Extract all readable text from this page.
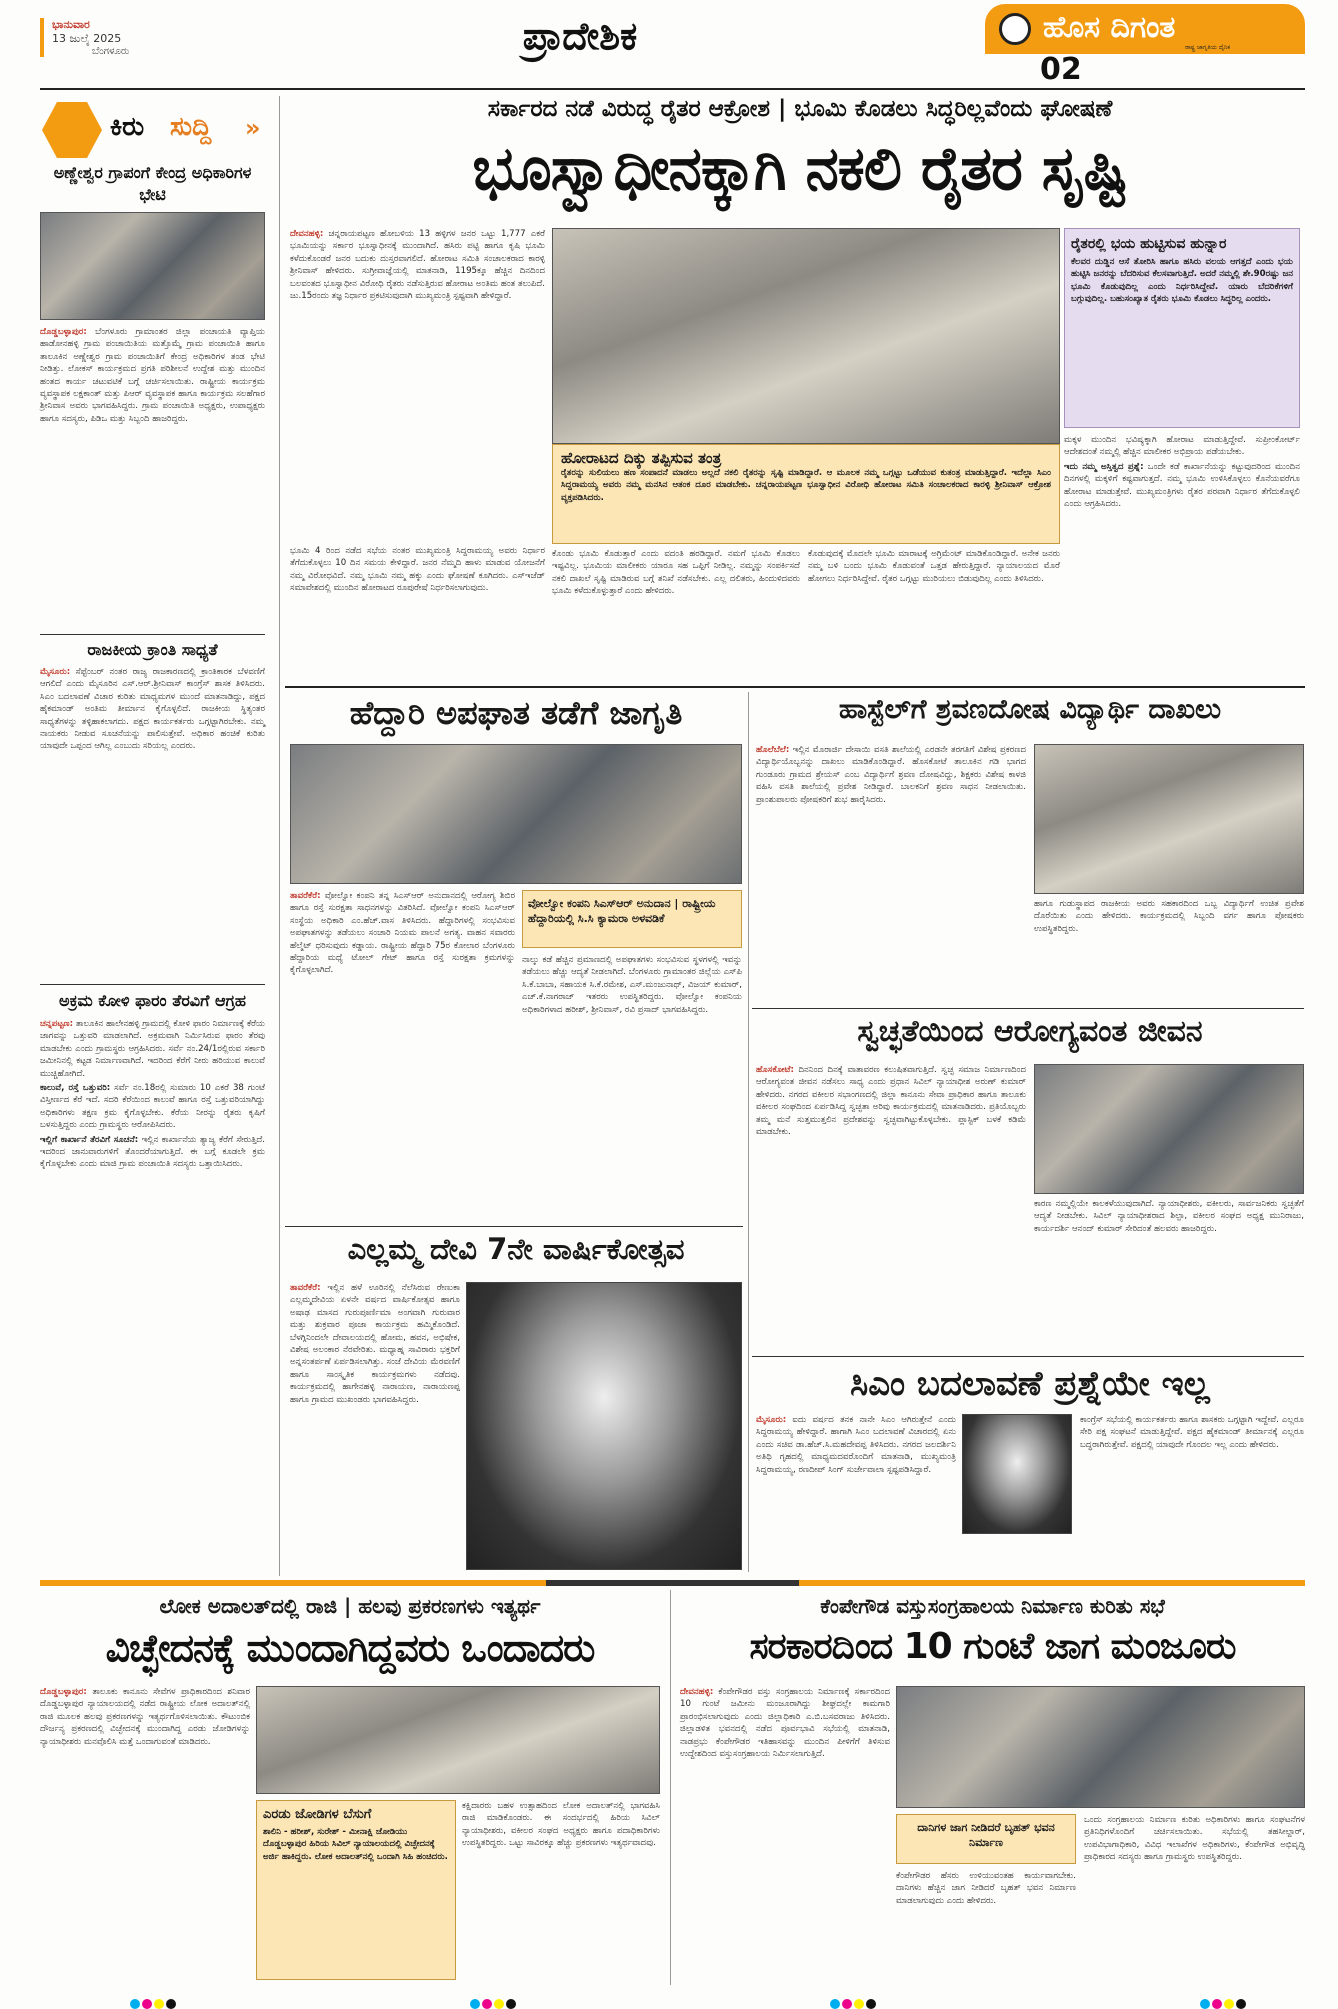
ಭಾನುವಾರ
13 ಜುಲೈ 2025
ಬೆಂಗಳೂರು	ಪ್ರಾದೇಶಿಕ	ಹೊಸ ದಿಗಂತ
ರಾಷ್ಟ್ರ ಜಾಗೃತಿಯ ದೈನಿಕ
02
ಕಿರು ಸುದ್ದಿ »
ಅಣ್ಣೇಶ್ವರ ಗ್ರಾಪಂಗೆ ಕೇಂದ್ರ ಅಧಿಕಾರಿಗಳ ಭೇಟಿ
ದೊಡ್ಡಬಳ್ಳಾಪುರ: ಬೆಂಗಳೂರು ಗ್ರಾಮಾಂತರ ಜಿಲ್ಲಾ ಪಂಚಾಯತಿ ವ್ಯಾಪ್ತಿಯ ಹಾಡೋನಹಳ್ಳಿ ಗ್ರಾಮ ಪಂಚಾಯಿತಿಯ ಮತ್ತೊಮ್ಮೆ ಗ್ರಾಮ ಪಂಚಾಯಿತಿ ಹಾಗೂ ತಾಲೂಕಿನ ಅಣ್ಣೇಶ್ವರ ಗ್ರಾಮ ಪಂಚಾಯಿತಿಗೆ ಕೇಂದ್ರ ಅಧಿಕಾರಿಗಳ ತಂಡ ಭೇಟಿ ನೀಡಿತ್ತು. ಲೋಕಸ್ ಕಾರ್ಯಕ್ರಮದ ಪ್ರಗತಿ ಪರಿಶೀಲನೆ ಉದ್ದೇಶ ಮತ್ತು ಮುಂದಿನ ಹಂತದ ಕಾರ್ಯ ಚಟುವಟಿಕೆ ಬಗ್ಗೆ ಚರ್ಚಿಸಲಾಯಿತು. ರಾಷ್ಟ್ರೀಯ ಕಾರ್ಯಕ್ರಮ ವ್ಯವಸ್ಥಾಪಕ ಲಕ್ಷಕಾಂತ್ ಮತ್ತು ಪಿಆರ್ ವ್ಯವಸ್ಥಾಪಕ ಹಾಗೂ ಕಾರ್ಯಕ್ರಮ ಸಲಹೆಗಾರ ಶ್ರೀನಿವಾಸ ಅವರು ಭಾಗವಹಿಸಿದ್ದರು. ಗ್ರಾಮ ಪಂಚಾಯಿತಿ ಅಧ್ಯಕ್ಷರು, ಉಪಾಧ್ಯಕ್ಷರು ಹಾಗೂ ಸದಸ್ಯರು, ಪಿಡಿಒ ಮತ್ತು ಸಿಬ್ಬಂದಿ ಹಾಜರಿದ್ದರು.
ರಾಜಕೀಯ ಕ್ರಾಂತಿ ಸಾಧ್ಯತೆ
ಮೈಸೂರು: ಸೆಪ್ಟೆಂಬರ್ ನಂತರ ರಾಜ್ಯ ರಾಜಕಾರಣದಲ್ಲಿ ಕ್ರಾಂತಿಕಾರಕ ಬೆಳವಣಿಗೆ ಆಗಲಿದೆ ಎಂದು ಮೈಸೂರಿನ ಎಸ್.ಆರ್.ಶ್ರೀನಿವಾಸ್ ಕಾಂಗ್ರೆಸ್ ಶಾಸಕ ತಿಳಿಸಿದರು. ಸಿಎಂ ಬದಲಾವಣೆ ವಿಚಾರ ಕುರಿತು ಮಾಧ್ಯಮಗಳ ಮುಂದೆ ಮಾತನಾಡಿದ್ದು, ಪಕ್ಷದ ಹೈಕಮಾಂಡ್ ಅಂತಿಮ ತೀರ್ಮಾನ ಕೈಗೊಳ್ಳಲಿದೆ. ರಾಜಕೀಯ ಸ್ಥಿತ್ಯಂತರ ಸಾಧ್ಯತೆಗಳನ್ನು ತಳ್ಳಿಹಾಕಲಾಗದು. ಪಕ್ಷದ ಕಾರ್ಯಕರ್ತರು ಒಗ್ಗಟ್ಟಾಗಿರಬೇಕು. ನಮ್ಮ ನಾಯಕರು ನೀಡುವ ಸೂಚನೆಯನ್ನು ಪಾಲಿಸುತ್ತೇವೆ. ಅಧಿಕಾರ ಹಂಚಿಕೆ ಕುರಿತು ಯಾವುದೇ ಒಪ್ಪಂದ ಆಗಿಲ್ಲ ಎಂಬುದು ಸರಿಯಲ್ಲ ಎಂದರು.
ಅಕ್ರಮ ಕೋಳಿ ಫಾರಂ ತೆರವಿಗೆ ಆಗ್ರಹ

ಚನ್ನಪಟ್ಟಣ: ತಾಲೂಕಿನ ಹಾಲೇನಹಳ್ಳಿ ಗ್ರಾಮದಲ್ಲಿ ಕೋಳಿ ಫಾರಂ ನಿರ್ಮಾಣಕ್ಕೆ ಕೆರೆಯ ಜಾಗವನ್ನು ಒತ್ತುವರಿ ಮಾಡಲಾಗಿದೆ. ಅಕ್ರಮವಾಗಿ ನಿರ್ಮಿಸಿರುವ ಫಾರಂ ತೆರವು ಮಾಡಬೇಕು ಎಂದು ಗ್ರಾಮಸ್ಥರು ಆಗ್ರಹಿಸಿದರು. ಸರ್ವೆ ನಂ.24/1ರಲ್ಲಿರುವ ಸರ್ಕಾರಿ ಜಮೀನಿನಲ್ಲಿ ಕಟ್ಟಡ ನಿರ್ಮಾಣವಾಗಿದೆ. ಇದರಿಂದ ಕೆರೆಗೆ ನೀರು ಹರಿಯುವ ಕಾಲುವೆ ಮುಚ್ಚಿಹೋಗಿದೆ.

ಕಾಲುವೆ, ರಸ್ತೆ ಒತ್ತುವರಿ: ಸರ್ವೆ ನಂ.18ರಲ್ಲಿ ಸುಮಾರು 10 ಎಕರೆ 38 ಗುಂಟೆ ವಿಸ್ತೀರ್ಣದ ಕೆರೆ ಇದೆ. ಸದರಿ ಕೆರೆಯಿಂದ ಕಾಲುವೆ ಹಾಗೂ ರಸ್ತೆ ಒತ್ತುವರಿಯಾಗಿದ್ದು ಅಧಿಕಾರಿಗಳು ತಕ್ಷಣ ಕ್ರಮ ಕೈಗೊಳ್ಳಬೇಕು. ಕೆರೆಯ ನೀರನ್ನು ರೈತರು ಕೃಷಿಗೆ ಬಳಸುತ್ತಿದ್ದರು ಎಂದು ಗ್ರಾಮಸ್ಥರು ಆರೋಪಿಸಿದರು.

ಇಲ್ಲಿಗೆ ಕಾರ್ಖಾನೆ ತೆರವಿಗೆ ಸೂಚನೆ: ಇಲ್ಲಿನ ಕಾರ್ಖಾನೆಯ ತ್ಯಾಜ್ಯ ಕೆರೆಗೆ ಸೇರುತ್ತಿದೆ. ಇದರಿಂದ ಜಾನುವಾರುಗಳಿಗೆ ತೊಂದರೆಯಾಗುತ್ತಿದೆ. ಈ ಬಗ್ಗೆ ಕೂಡಲೇ ಕ್ರಮ ಕೈಗೊಳ್ಳಬೇಕು ಎಂದು ಮಾಜಿ ಗ್ರಾಮ ಪಂಚಾಯಿತಿ ಸದಸ್ಯರು ಒತ್ತಾಯಿಸಿದರು.

ಸರ್ಕಾರದ ನಡೆ ವಿರುದ್ಧ ರೈತರ ಆಕ್ರೋಶ | ಭೂಮಿ ಕೊಡಲು ಸಿದ್ಧರಿಲ್ಲವೆಂದು ಘೋಷಣೆ
ಭೂಸ್ವಾಧೀನಕ್ಕಾಗಿ ನಕಲಿ ರೈತರ ಸೃಷ್ಟಿ
ದೇವನಹಳ್ಳಿ: ಚನ್ನರಾಯಪಟ್ಟಣ ಹೋಬಳಿಯ 13 ಹಳ್ಳಿಗಳ ಜನರ ಒಟ್ಟು 1,777 ಎಕರೆ ಭೂಮಿಯನ್ನು ಸರ್ಕಾರ ಭೂಸ್ವಾಧೀನಕ್ಕೆ ಮುಂದಾಗಿದೆ. ಹಸಿರು ಪಟ್ಟಿ ಹಾಗೂ ಕೃಷಿ ಭೂಮಿ ಕಳೆದುಕೊಂಡರೆ ಜನರ ಬದುಕು ದುಸ್ತರವಾಗಲಿದೆ. ಹೋರಾಟ ಸಮಿತಿ ಸಂಚಾಲಕರಾದ ಕಾರಳ್ಳಿ ಶ್ರೀನಿವಾಸ್ ಹೇಳಿದರು. ಸುಗ್ರೀವಾಜ್ಞೆಯಲ್ಲಿ ಮಾತನಾಡಿ, 1195ಕ್ಕೂ ಹೆಚ್ಚಿನ ದಿನದಿಂದ ಬಲವಂತದ ಭೂಸ್ವಾಧೀನ ವಿರೋಧಿ ರೈತರು ನಡೆಸುತ್ತಿರುವ ಹೋರಾಟ ಅಂತಿಮ ಹಂತ ತಲುಪಿದೆ. ಜು.15ರಂದು ತಜ್ಞ ನಿರ್ಧಾರ ಪ್ರಕಟಿಸುವುದಾಗಿ ಮುಖ್ಯಮಂತ್ರಿ ಸ್ಪಷ್ಟವಾಗಿ ಹೇಳಿದ್ದಾರೆ.
ಭೂಮಿ 4 ರಿಂದ ನಡೆದ ಸಭೆಯ ನಂತರ ಮುಖ್ಯಮಂತ್ರಿ ಸಿದ್ದರಾಮಯ್ಯ ಅವರು ನಿರ್ಧಾರ ತೆಗೆದುಕೊಳ್ಳಲು 10 ದಿನ ಸಮಯ ಕೇಳಿದ್ದಾರೆ. ಜನರ ನೆಮ್ಮದಿ ಹಾಳು ಮಾಡುವ ಯೋಜನೆಗೆ ನಮ್ಮ ವಿರೋಧವಿದೆ. ನಮ್ಮ ಭೂಮಿ ನಮ್ಮ ಹಕ್ಕು ಎಂದು ಘೋಷಣೆ ಕೂಗಿದರು. ಎಸ್‌ಇಜೆಡ್ ಸಮಾವೇಶದಲ್ಲಿ ಮುಂದಿನ ಹೋರಾಟದ ರೂಪುರೇಷೆ ನಿರ್ಧರಿಸಲಾಗುವುದು.
ಹೋರಾಟದ ದಿಕ್ಕು ತಪ್ಪಿಸುವ ತಂತ್ರ
ರೈತರನ್ನು ಸುಲಿಯಲು ಹಣ ಸಂಪಾದನೆ ಮಾಡಲು ಅಲ್ಲದೆ ನಕಲಿ ರೈತರನ್ನು ಸೃಷ್ಟಿ ಮಾಡಿದ್ದಾರೆ. ಆ ಮೂಲಕ ನಮ್ಮ ಒಗ್ಗಟ್ಟು ಒಡೆಯುವ ಕುತಂತ್ರ ಮಾಡುತ್ತಿದ್ದಾರೆ. ಇದೆಲ್ಲಾ ಸಿಎಂ ಸಿದ್ದರಾಮಯ್ಯ ಅವರು ನಮ್ಮ ಮನಸಿನ ಆತಂಕ ದೂರ ಮಾಡಬೇಕು. ಚನ್ನರಾಯಪಟ್ಟಣ ಭೂಸ್ವಾಧೀನ ವಿರೋಧಿ ಹೋರಾಟ ಸಮಿತಿ ಸಂಚಾಲಕರಾದ ಕಾರಳ್ಳಿ ಶ್ರೀನಿವಾಸ್ ಆಕ್ರೋಶ ವ್ಯಕ್ತಪಡಿಸಿದರು.
ಕೊಂಡು ಭೂಮಿ ಕೊಡುತ್ತಾರೆ ಎಂದು ವದಂತಿ ಹರಡಿದ್ದಾರೆ. ನಮಗೆ ಭೂಮಿ ಕೊಡಲು ಇಷ್ಟವಿಲ್ಲ. ಭೂಮಿಯ ಮಾಲೀಕರು ಯಾರೂ ಸಹ ಒಪ್ಪಿಗೆ ನೀಡಿಲ್ಲ. ನಮ್ಮನ್ನು ಸಂಪರ್ಕಿಸದೆ ನಕಲಿ ದಾಖಲೆ ಸೃಷ್ಟಿ ಮಾಡಿರುವ ಬಗ್ಗೆ ತನಿಖೆ ನಡೆಸಬೇಕು. ಎಲ್ಲ ದಲಿತರು, ಹಿಂದುಳಿದವರು ಭೂಮಿ ಕಳೆದುಕೊಳ್ಳುತ್ತಾರೆ ಎಂದು ಹೇಳಿದರು.
ಕೊಡುವುದಕ್ಕೆ ಮೊದಲೇ ಭೂಮಿ ಮಾರಾಟಕ್ಕೆ ಅಗ್ರಿಮೆಂಟ್ ಮಾಡಿಕೊಂಡಿದ್ದಾರೆ. ಅನೇಕ ಜನರು ನಮ್ಮ ಬಳಿ ಬಂದು ಭೂಮಿ ಕೊಡುವಂತೆ ಒತ್ತಡ ಹೇರುತ್ತಿದ್ದಾರೆ. ನ್ಯಾಯಾಲಯದ ಮೊರೆ ಹೋಗಲು ನಿರ್ಧರಿಸಿದ್ದೇವೆ. ರೈತರ ಒಗ್ಗಟ್ಟು ಮುರಿಯಲು ಬಿಡುವುದಿಲ್ಲ ಎಂದು ತಿಳಿಸಿದರು.
ರೈತರಲ್ಲಿ ಭಯ ಹುಟ್ಟಿಸುವ ಹುನ್ನಾರ
ಕೆಲವರ ದುಡ್ಡಿನ ಆಸೆ ತೋರಿಸಿ ಹಾಗೂ ಹಸಿರು ವಲಯ ಆಗತ್ತದೆ ಎಂದು ಭಯ ಹುಟ್ಟಿಸಿ ಜನರನ್ನು ಬೆದರಿಸುವ ಕೆಲಸವಾಗುತ್ತಿದೆ. ಅದರೆ ನಮ್ಮಲ್ಲಿ ಶೇ.90ರಷ್ಟು ಜನ ಭೂಮಿ ಕೊಡುವುದಿಲ್ಲ ಎಂದು ನಿರ್ಧರಿಸಿದ್ದೇವೆ. ಯಾರು ಬೆದರಿಕೆಗಳಿಗೆ ಬಗ್ಗುವುದಿಲ್ಲ. ಬಹುಸಂಖ್ಯಾತ ರೈತರು ಭೂಮಿ ಕೊಡಲು ಸಿದ್ಧರಿಲ್ಲ ಎಂದರು.

ಮಕ್ಕಳ ಮುಂದಿನ ಭವಿಷ್ಯಕ್ಕಾಗಿ ಹೋರಾಟ ಮಾಡುತ್ತಿದ್ದೇವೆ. ಸುಪ್ರೀಂಕೋರ್ಟ್ ಆದೇಶದಂತೆ ನಮ್ಮಲ್ಲಿ ಹೆಚ್ಚಿನ ಮಾಲೀಕರ ಅಭಿಪ್ರಾಯ ಪಡೆಯಬೇಕು.

ಇದು ನಮ್ಮ ಅಸ್ತಿತ್ವದ ಪ್ರಶ್ನೆ: ಒಂದೇ ಕಡೆ ಕಾರ್ಖಾನೆಯನ್ನು ಕಟ್ಟುವುದರಿಂದ ಮುಂದಿನ ದಿನಗಳಲ್ಲಿ ಮಕ್ಕಳಿಗೆ ಕಷ್ಟವಾಗುತ್ತದೆ. ನಮ್ಮ ಭೂಮಿ ಉಳಿಸಿಕೊಳ್ಳಲು ಕೊನೆಯವರೆಗೂ ಹೋರಾಟ ಮಾಡುತ್ತೇವೆ. ಮುಖ್ಯಮಂತ್ರಿಗಳು ರೈತರ ಪರವಾಗಿ ನಿರ್ಧಾರ ತೆಗೆದುಕೊಳ್ಳಲಿ ಎಂದು ಆಗ್ರಹಿಸಿದರು.

ಹೆದ್ದಾರಿ ಅಪಘಾತ ತಡೆಗೆ ಜಾಗೃತಿ
ತಾವರೆಕೆರೆ: ವೋಲ್ವೋ ಕಂಪನಿ ತನ್ನ ಸಿಎಸ್‌ಆರ್ ಅನುದಾನದಲ್ಲಿ ಆರೋಗ್ಯ ಶಿಬಿರ ಹಾಗೂ ರಸ್ತೆ ಸುರಕ್ಷತಾ ಸಾಧನಗಳನ್ನು ವಿತರಿಸಿದೆ. ವೋಲ್ವೋ ಕಂಪನಿ ಸಿಎಸ್‌ಆರ್ ಸಂಸ್ಥೆಯ ಅಧಿಕಾರಿ ಎಂ.ಹೆಚ್.ವಾಸ ತಿಳಿಸಿದರು. ಹೆದ್ದಾರಿಗಳಲ್ಲಿ ಸಂಭವಿಸುವ ಅಪಘಾತಗಳನ್ನು ತಡೆಯಲು ಸಂಚಾರಿ ನಿಯಮ ಪಾಲನೆ ಅಗತ್ಯ. ವಾಹನ ಸವಾರರು ಹೆಲ್ಮೆಟ್ ಧರಿಸುವುದು ಕಡ್ಡಾಯ. ರಾಷ್ಟ್ರೀಯ ಹೆದ್ದಾರಿ 75ರ ಕೋಲಾರ ಬೆಂಗಳೂರು ಹೆದ್ದಾರಿಯ ಮಧ್ಯೆ ಟೋಲ್ ಗೇಟ್ ಹಾಗೂ ರಸ್ತೆ ಸುರಕ್ಷತಾ ಕ್ರಮಗಳನ್ನು ಕೈಗೊಳ್ಳಲಾಗಿದೆ.
ವೋಲ್ವೋ ಕಂಪನಿ ಸಿಎಸ್‌ಆರ್ ಅನುದಾನ | ರಾಷ್ಟ್ರೀಯ ಹೆದ್ದಾರಿಯಲ್ಲಿ ಸಿ.ಸಿ ಕ್ಯಾಮರಾ ಅಳವಡಿಕೆ
ನಾಲ್ಕು ಕಡೆ ಹೆಚ್ಚಿನ ಪ್ರಮಾಣದಲ್ಲಿ ಅಪಘಾತಗಳು ಸಂಭವಿಸುವ ಸ್ಥಳಗಳಲ್ಲಿ ಇವನ್ನು ತಡೆಯಲು ಹೆಚ್ಚು ಆದ್ಯತೆ ನೀಡಲಾಗಿದೆ. ಬೆಂಗಳೂರು ಗ್ರಾಮಾಂತರ ಜಿಲ್ಲೆಯ ಎಸ್‌ಪಿ ಸಿ.ಕೆ.ಬಾಬಾ, ಸಹಾಯಕ ಸಿ.ಕೆ.ರಮೇಶ, ಎಸ್.ಮಂಜುನಾಥ್, ವಿಜಯ್ ಕುಮಾರ್, ಎಚ್.ಕೆ.ನಾಗರಾಜ್ ಇತರರು ಉಪಸ್ಥಿತರಿದ್ದರು. ವೋಲ್ವೋ ಕಂಪನಿಯ ಅಧಿಕಾರಿಗಳಾದ ಹರೀಶ್, ಶ್ರೀನಿವಾಸ್, ರವಿ ಪ್ರಸಾದ್ ಭಾಗವಹಿಸಿದ್ದರು.
ಹಾಸ್ಟೆಲ್‌ಗೆ ಶ್ರವಣದೋಷ ವಿದ್ಯಾರ್ಥಿ ದಾಖಲು
ಹೊಲೆಬೆಲೆ: ಇಲ್ಲಿನ ಮೊರಾರ್ಜಿ ದೇಸಾಯಿ ವಸತಿ ಶಾಲೆಯಲ್ಲಿ ಎರಡನೇ ತರಗತಿಗೆ ವಿಶೇಷ ಪ್ರಕರಣದ ವಿದ್ಯಾರ್ಥಿಯೊಬ್ಬನನ್ನು ದಾಖಲು ಮಾಡಿಕೊಂಡಿದ್ದಾರೆ. ಹೊಸಕೋಟೆ ತಾಲೂಕಿನ ಗಡಿ ಭಾಗದ ಗುಂಡೂರು ಗ್ರಾಮದ ಶ್ರೇಯಸ್ ಎಂಬ ವಿದ್ಯಾರ್ಥಿಗೆ ಶ್ರವಣ ದೋಷವಿದ್ದು, ಶಿಕ್ಷಕರು ವಿಶೇಷ ಕಾಳಜಿ ವಹಿಸಿ ವಸತಿ ಶಾಲೆಯಲ್ಲಿ ಪ್ರವೇಶ ನೀಡಿದ್ದಾರೆ. ಬಾಲಕನಿಗೆ ಶ್ರವಣ ಸಾಧನ ನೀಡಲಾಯಿತು. ಪ್ರಾಂಶುಪಾಲರು ಪೋಷಕರಿಗೆ ಶುಭ ಹಾರೈಸಿದರು.
ಹಾಗೂ ಗುಡುಸ್ಥಾಪದ ರಾಜಕೀಯ ಅವರು ಸಹಕಾರದಿಂದ ಒಬ್ಬ ವಿದ್ಯಾರ್ಥಿಗೆ ಉಚಿತ ಪ್ರವೇಶ ದೊರೆಯಿತು ಎಂದು ಹೇಳಿದರು. ಕಾರ್ಯಕ್ರಮದಲ್ಲಿ ಸಿಬ್ಬಂದಿ ವರ್ಗ ಹಾಗೂ ಪೋಷಕರು ಉಪಸ್ಥಿತರಿದ್ದರು.
ಸ್ವಚ್ಛತೆಯಿಂದ ಆರೋಗ್ಯವಂತ ಜೀವನ
ಹೊಸಕೋಟೆ: ದಿನನಿಂದ ದಿನಕ್ಕೆ ವಾತಾವರಣ ಕಲುಷಿತವಾಗುತ್ತಿದೆ. ಸ್ವಚ್ಛ ಸಮಾಜ ನಿರ್ಮಾಣದಿಂದ ಆರೋಗ್ಯವಂತ ಜೀವನ ನಡೆಸಲು ಸಾಧ್ಯ ಎಂದು ಪ್ರಧಾನ ಸಿವಿಲ್ ನ್ಯಾಯಾಧೀಶ ಅರುಣ್ ಕುಮಾರ್ ಹೇಳಿದರು. ನಗರದ ವಕೀಲರ ಸಭಾಂಗಣದಲ್ಲಿ ಜಿಲ್ಲಾ ಕಾನೂನು ಸೇವಾ ಪ್ರಾಧಿಕಾರ ಹಾಗೂ ತಾಲೂಕು ವಕೀಲರ ಸಂಘದಿಂದ ಏರ್ಪಡಿಸಿದ್ದ ಸ್ವಚ್ಛತಾ ಅರಿವು ಕಾರ್ಯಕ್ರಮದಲ್ಲಿ ಮಾತನಾಡಿದರು. ಪ್ರತಿಯೊಬ್ಬರು ತಮ್ಮ ಮನೆ ಸುತ್ತಮುತ್ತಲಿನ ಪ್ರದೇಶವನ್ನು ಸ್ವಚ್ಛವಾಗಿಟ್ಟುಕೊಳ್ಳಬೇಕು. ಪ್ಲಾಸ್ಟಿಕ್ ಬಳಕೆ ಕಡಿಮೆ ಮಾಡಬೇಕು.
ಕಾರಣ ನಮ್ಮಲ್ಲಿಯೇ ಕಾಲಕಳೆಯುವುದಾಗಿದೆ. ನ್ಯಾಯಾಧೀಶರು, ವಕೀಲರು, ಸಾರ್ವಜನಿಕರು ಸ್ವಚ್ಛತೆಗೆ ಆದ್ಯತೆ ನೀಡಬೇಕು. ಸಿವಿಲ್ ನ್ಯಾಯಾಧೀಶರಾದ ಶಿಲ್ಪಾ, ವಕೀಲರ ಸಂಘದ ಅಧ್ಯಕ್ಷ ಮುನಿರಾಜು, ಕಾರ್ಯದರ್ಶಿ ಆನಂದ್ ಕುಮಾರ್ ಸೇರಿದಂತೆ ಹಲವರು ಹಾಜರಿದ್ದರು.
ಸಿಎಂ ಬದಲಾವಣೆ ಪ್ರಶ್ನೆಯೇ ಇಲ್ಲ
ಮೈಸೂರು: ಐದು ವರ್ಷದ ತನಕ ನಾನೇ ಸಿಎಂ ಆಗಿರುತ್ತೇನೆ ಎಂದು ಸಿದ್ದರಾಮಯ್ಯ ಹೇಳಿದ್ದಾರೆ. ಹಾಗಾಗಿ ಸಿಎಂ ಬದಲಾವಣೆ ವಿಚಾರದಲ್ಲಿ ಏನು ಎಂದು ಸಚಿವ ಡಾ.ಹೆಚ್.ಸಿ.ಮಹದೇವಪ್ಪ ತಿಳಿಸಿದರು. ನಗರದ ಜಲದರ್ಶಿನಿ ಅತಿಥಿ ಗೃಹದಲ್ಲಿ ಮಾಧ್ಯಮದವರೊಂದಿಗೆ ಮಾತನಾಡಿ, ಮುಖ್ಯಮಂತ್ರಿ ಸಿದ್ದರಾಮಯ್ಯ, ರಣದೀಪ್ ಸಿಂಗ್ ಸುರ್ಜೇವಾಲಾ ಸ್ಪಷ್ಟಪಡಿಸಿದ್ದಾರೆ.
ಕಾಂಗ್ರೆಸ್ ಸಭೆಯಲ್ಲಿ ಕಾರ್ಯಕರ್ತರು ಹಾಗೂ ಶಾಸಕರು ಒಗ್ಗಟ್ಟಾಗಿ ಇದ್ದೇವೆ. ಎಲ್ಲರೂ ಸೇರಿ ಪಕ್ಷ ಸಂಘಟನೆ ಮಾಡುತ್ತಿದ್ದೇವೆ. ಪಕ್ಷದ ಹೈಕಮಾಂಡ್ ತೀರ್ಮಾನಕ್ಕೆ ಎಲ್ಲರೂ ಬದ್ಧರಾಗಿರುತ್ತೇವೆ. ಪಕ್ಷದಲ್ಲಿ ಯಾವುದೇ ಗೊಂದಲ ಇಲ್ಲ ಎಂದು ಹೇಳಿದರು.
ಎಲ್ಲಮ್ಮ ದೇವಿ 7ನೇ ವಾರ್ಷಿಕೋತ್ಸವ
ತಾವರೆಕೆರೆ: ಇಲ್ಲಿನ ಹಳೆ ಊರಿನಲ್ಲಿ ನೆಲೆಸಿರುವ ರೇಣುಕಾ ಎಲ್ಲಮ್ಮದೇವಿಯ ಏಳನೇ ವರ್ಷದ ವಾರ್ಷಿಕೋತ್ಸವ ಹಾಗೂ ಅಷಾಢ ಮಾಸದ ಗುರುಪೂರ್ಣಿಮಾ ಅಂಗವಾಗಿ ಗುರುವಾರ ಮತ್ತು ಶುಕ್ರವಾರ ಪೂಜಾ ಕಾರ್ಯಕ್ರಮ ಹಮ್ಮಿಕೊಂಡಿದೆ. ಬೆಳಗ್ಗಿನಿಂದಲೇ ದೇವಾಲಯದಲ್ಲಿ ಹೋಮ, ಹವನ, ಅಭಿಷೇಕ, ವಿಶೇಷ ಅಲಂಕಾರ ನೆರವೇರಿತು. ಮಧ್ಯಾಹ್ನ ಸಾವಿರಾರು ಭಕ್ತರಿಗೆ ಅನ್ನಸಂತರ್ಪಣೆ ಏರ್ಪಡಿಸಲಾಗಿತ್ತು. ಸಂಜೆ ದೇವಿಯ ಮೆರವಣಿಗೆ ಹಾಗೂ ಸಾಂಸ್ಕೃತಿಕ ಕಾರ್ಯಕ್ರಮಗಳು ನಡೆದವು. ಕಾರ್ಯಕ್ರಮದಲ್ಲಿ ಹಾಗೇನಹಳ್ಳಿ ನಾರಾಯಣ, ನಾರಾಯಣಪ್ಪ ಹಾಗೂ ಗ್ರಾಮದ ಮುಖಂಡರು ಭಾಗವಹಿಸಿದ್ದರು.
ಲೋಕ ಅದಾಲತ್‌ದಲ್ಲಿ ರಾಜಿ | ಹಲವು ಪ್ರಕರಣಗಳು ಇತ್ಯರ್ಥ
ವಿಚ್ಛೇದನಕ್ಕೆ ಮುಂದಾಗಿದ್ದವರು ಒಂದಾದರು
ದೊಡ್ಡಬಳ್ಳಾಪುರ: ತಾಲೂಕು ಕಾನೂನು ಸೇವೆಗಳ ಪ್ರಾಧಿಕಾರದಿಂದ ಶನಿವಾರ ದೊಡ್ಡಬಳ್ಳಾಪುರ ನ್ಯಾಯಾಲಯದಲ್ಲಿ ನಡೆದ ರಾಷ್ಟ್ರೀಯ ಲೋಕ ಅದಾಲತ್‌ನಲ್ಲಿ ರಾಜಿ ಮೂಲಕ ಹಲವು ಪ್ರಕರಣಗಳನ್ನು ಇತ್ಯರ್ಥಗೊಳಿಸಲಾಯಿತು. ಕೌಟುಂಬಿಕ ದೌರ್ಜನ್ಯ ಪ್ರಕರಣದಲ್ಲಿ ವಿಚ್ಛೇದನಕ್ಕೆ ಮುಂದಾಗಿದ್ದ ಎರಡು ಜೋಡಿಗಳನ್ನು ನ್ಯಾಯಾಧೀಶರು ಮನವೊಲಿಸಿ ಮತ್ತೆ ಒಂದಾಗುವಂತೆ ಮಾಡಿದರು.
ಎರಡು ಜೋಡಿಗಳ ಬೆಸುಗೆ
ಶಾಲಿನಿ - ಹರೀಶ್, ಸುರೇಶ್ - ಮೀನಾಕ್ಷಿ ಜೋಡಿಯು ದೊಡ್ಡಬಳ್ಳಾಪುರ ಹಿರಿಯ ಸಿವಿಲ್ ನ್ಯಾಯಾಲಯದಲ್ಲಿ ವಿಚ್ಛೇದನಕ್ಕೆ ಅರ್ಜಿ ಹಾಕಿದ್ದರು. ಲೋಕ ಅದಾಲತ್‌ನಲ್ಲಿ ಒಂದಾಗಿ ಸಿಹಿ ಹಂಚಿದರು.
ಕಕ್ಷಿದಾರರು ಬಹಳ ಉತ್ಸಾಹದಿಂದ ಲೋಕ ಅದಾಲತ್‌ನಲ್ಲಿ ಭಾಗವಹಿಸಿ ರಾಜಿ ಮಾಡಿಕೊಂಡರು. ಈ ಸಂದರ್ಭದಲ್ಲಿ ಹಿರಿಯ ಸಿವಿಲ್ ನ್ಯಾಯಾಧೀಶರು, ವಕೀಲರ ಸಂಘದ ಅಧ್ಯಕ್ಷರು ಹಾಗೂ ಪದಾಧಿಕಾರಿಗಳು ಉಪಸ್ಥಿತರಿದ್ದರು. ಒಟ್ಟು ಸಾವಿರಕ್ಕೂ ಹೆಚ್ಚು ಪ್ರಕರಣಗಳು ಇತ್ಯರ್ಥವಾದವು.
ಕೆಂಪೇಗೌಡ ವಸ್ತುಸಂಗ್ರಹಾಲಯ ನಿರ್ಮಾಣ ಕುರಿತು ಸಭೆ
ಸರಕಾರದಿಂದ 10 ಗುಂಟೆ ಜಾಗ ಮಂಜೂರು
ದೇವನಹಳ್ಳಿ: ಕೆಂಪೇಗೌಡರ ವಸ್ತು ಸಂಗ್ರಹಾಲಯ ನಿರ್ಮಾಣಕ್ಕೆ ಸರ್ಕಾರದಿಂದ 10 ಗುಂಟೆ ಜಮೀನು ಮಂಜೂರಾಗಿದ್ದು ಶೀಘ್ರದಲ್ಲೇ ಕಾಮಗಾರಿ ಪ್ರಾರಂಭಿಸಲಾಗುವುದು ಎಂದು ಜಿಲ್ಲಾಧಿಕಾರಿ ಎ.ಬಿ.ಬಸವರಾಜು ತಿಳಿಸಿದರು. ಜಿಲ್ಲಾಡಳಿತ ಭವನದಲ್ಲಿ ನಡೆದ ಪೂರ್ವಭಾವಿ ಸಭೆಯಲ್ಲಿ ಮಾತನಾಡಿ, ನಾಡಪ್ರಭು ಕೆಂಪೇಗೌಡರ ಇತಿಹಾಸವನ್ನು ಮುಂದಿನ ಪೀಳಿಗೆಗೆ ತಿಳಿಸುವ ಉದ್ದೇಶದಿಂದ ವಸ್ತುಸಂಗ್ರಹಾಲಯ ನಿರ್ಮಿಸಲಾಗುತ್ತಿದೆ.
ದಾನಿಗಳ ಜಾಗ ನೀಡಿದರೆ ಬೃಹತ್ ಭವನ ನಿರ್ಮಾಣ
ಕೆಂಪೇಗೌಡರ ಹೆಸರು ಉಳಿಯುವಂತಹ ಕಾರ್ಯವಾಗಬೇಕು. ದಾನಿಗಳು ಹೆಚ್ಚಿನ ಜಾಗ ನೀಡಿದರೆ ಬೃಹತ್ ಭವನ ನಿರ್ಮಾಣ ಮಾಡಲಾಗುವುದು ಎಂದು ಹೇಳಿದರು.
ಒಂದು ಸಂಗ್ರಹಾಲಯ ನಿರ್ಮಾಣ ಕುರಿತು ಅಧಿಕಾರಿಗಳು ಹಾಗೂ ಸಂಘಟನೆಗಳ ಪ್ರತಿನಿಧಿಗಳೊಂದಿಗೆ ಚರ್ಚಿಸಲಾಯಿತು. ಸಭೆಯಲ್ಲಿ ತಹಸೀಲ್ದಾರ್, ಉಪವಿಭಾಗಾಧಿಕಾರಿ, ವಿವಿಧ ಇಲಾಖೆಗಳ ಅಧಿಕಾರಿಗಳು, ಕೆಂಪೇಗೌಡ ಅಭಿವೃದ್ಧಿ ಪ್ರಾಧಿಕಾರದ ಸದಸ್ಯರು ಹಾಗೂ ಗ್ರಾಮಸ್ಥರು ಉಪಸ್ಥಿತರಿದ್ದರು.
